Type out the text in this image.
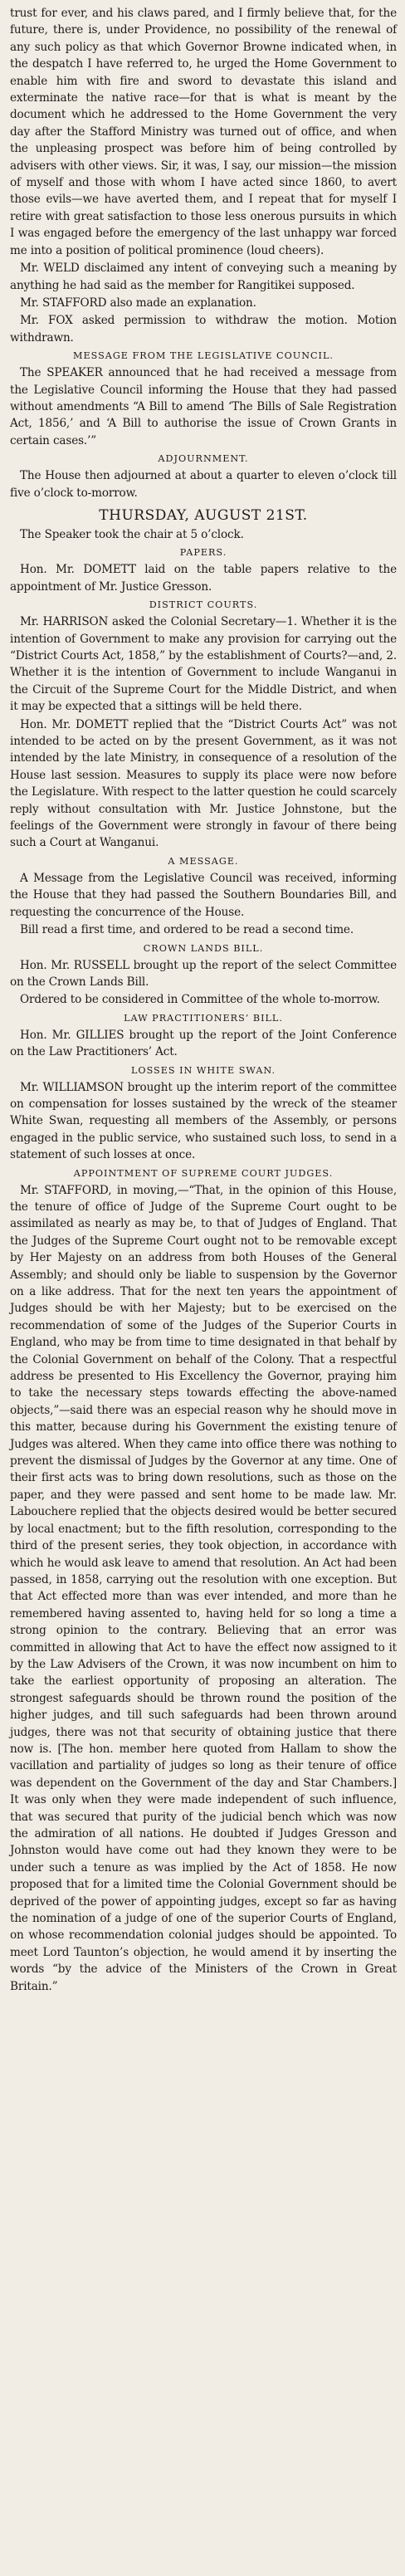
trust for ever, and his claws pared, and I firmly believe that, for the future, there is, under Providence, no possibility of the renewal of any such policy as that which Governor Browne indicated when, in the despatch I have referred to, he urged the Home Government to enable him with fire and sword to devastate this island and exterminate the native race—for that is what is meant by the document which he addressed to the Home Government the very day after the Stafford Ministry was turned out of office, and when the unpleasing prospect was before him of being controlled by advisers with other views. Sir, it was, I say, our mission—the mission of myself and those with whom I have acted since 1860, to avert those evils—we have averted them, and I repeat that for myself I retire with great satisfaction to those less onerous pursuits in which I was engaged before the emergency of the last unhappy war forced me into a position of political prominence (loud cheers).

Mr. WELD disclaimed any intent of conveying such a meaning by anything he had said as the member for Rangitikei supposed.

Mr. STAFFORD also made an explanation.

Mr. FOX asked permission to withdraw the motion. Motion withdrawn.

MESSAGE FROM THE LEGISLATIVE COUNCIL.

The SPEAKER announced that he had received a message from the Legislative Council informing the House that they had passed without amendments “A Bill to amend ‘The Bills of Sale Registration Act, 1856,’ and ‘A Bill to authorise the issue of Crown Grants in certain cases.’”

ADJOURNMENT.

The House then adjourned at about a quarter to eleven o’clock till five o’clock to-morrow.

THURSDAY, AUGUST 21ST.

The Speaker took the chair at 5 o’clock.

PAPERS.

Hon. Mr. DOMETT laid on the table papers relative to the appointment of Mr. Justice Gresson.

DISTRICT COURTS.

Mr. HARRISON asked the Colonial Secretary—1. Whether it is the intention of Government to make any provision for carrying out the “District Courts Act, 1858,” by the establishment of Courts?—and, 2. Whether it is the intention of Government to include Wanganui in the Circuit of the Supreme Court for the Middle District, and when it may be expected that a sittings will be held there.

Hon. Mr. DOMETT replied that the “District Courts Act” was not intended to be acted on by the present Government, as it was not intended by the late Ministry, in consequence of a resolution of the House last session. Measures to supply its place were now before the Legislature. With respect to the latter question he could scarcely reply without consultation with Mr. Justice Johnstone, but the feelings of the Government were strongly in favour of there being such a Court at Wanganui.

A MESSAGE.

A Message from the Legislative Council was received, informing the House that they had passed the Southern Boundaries Bill, and requesting the concurrence of the House.

Bill read a first time, and ordered to be read a second time.

CROWN LANDS BILL.

Hon. Mr. RUSSELL brought up the report of the select Committee on the Crown Lands Bill.

Ordered to be considered in Committee of the whole to-morrow.

LAW PRACTITIONERS’ BILL.

Hon. Mr. GILLIES brought up the report of the Joint Conference on the Law Practitioners’ Act.

LOSSES IN WHITE SWAN.

Mr. WILLIAMSON brought up the interim report of the committee on compensation for losses sustained by the wreck of the steamer White Swan, requesting all members of the Assembly, or persons engaged in the public service, who sustained such loss, to send in a statement of such losses at once.

APPOINTMENT OF SUPREME COURT JUDGES.

Mr. STAFFORD, in moving,—“That, in the opinion of this House, the tenure of office of Judge of the Supreme Court ought to be assimilated as nearly as may be, to that of Judges of England. That the Judges of the Supreme Court ought not to be removable except by Her Majesty on an address from both Houses of the General Assembly; and should only be liable to suspension by the Governor on a like address. That for the next ten years the appointment of Judges should be with her Majesty; but to be exercised on the recommendation of some of the Judges of the Superior Courts in England, who may be from time to time designated in that behalf by the Colonial Government on behalf of the Colony. That a respectful address be presented to His Excellency the Governor, praying him to take the necessary steps towards effecting the above-named objects,”—said there was an especial reason why he should move in this matter, because during his Government the existing tenure of Judges was altered. When they came into office there was nothing to prevent the dismissal of Judges by the Governor at any time. One of their first acts was to bring down resolutions, such as those on the paper, and they were passed and sent home to be made law. Mr. Labouchere replied that the objects desired would be better secured by local enactment; but to the fifth resolution, corresponding to the third of the present series, they took objection, in accordance with which he would ask leave to amend that resolution. An Act had been passed, in 1858, carrying out the resolution with one exception. But that Act effected more than was ever intended, and more than he remembered having assented to, having held for so long a time a strong opinion to the contrary. Believing that an error was committed in allowing that Act to have the effect now assigned to it by the Law Advisers of the Crown, it was now incumbent on him to take the earliest opportunity of proposing an alteration. The strongest safeguards should be thrown round the position of the higher judges, and till such safeguards had been thrown around judges, there was not that security of obtaining justice that there now is. [The hon. member here quoted from Hallam to show the vacillation and partiality of judges so long as their tenure of office was dependent on the Government of the day and Star Chambers.] It was only when they were made independent of such influence, that was secured that purity of the judicial bench which was now the admiration of all nations. He doubted if Judges Gresson and Johnston would have come out had they known they were to be under such a tenure as was implied by the Act of 1858. He now proposed that for a limited time the Colonial Government should be deprived of the power of appointing judges, except so far as having the nomination of a judge of one of the superior Courts of England, on whose recommendation colonial judges should be appointed. To meet Lord Taunton’s objection, he would amend it by inserting the words “by the advice of the Ministers of the Crown in Great Britain.”
